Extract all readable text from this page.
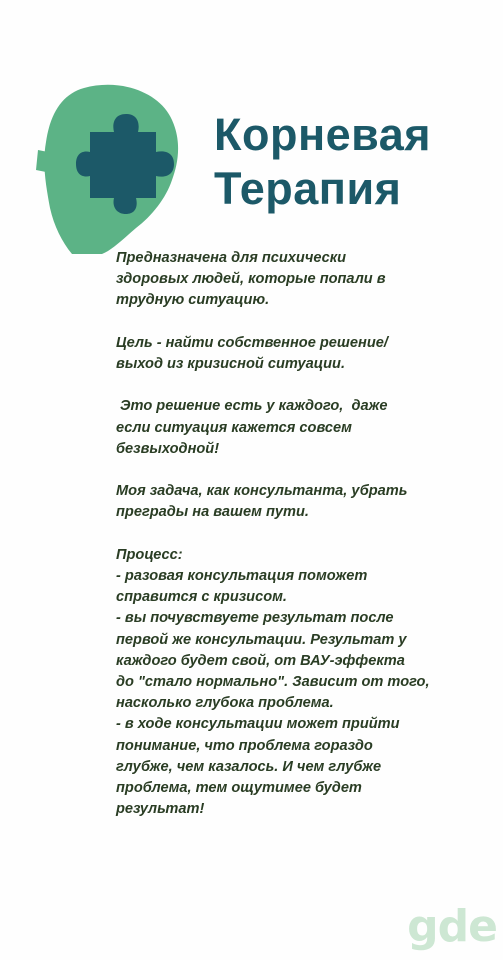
Корневая
Терапия
Предназначена для психически
здоровых людей, которые попали в
трудную ситуацию.
Цель - найти собственное решение/
выход из кризисной ситуации.
Это решение есть у каждого,  даже
если ситуация кажется совсем
безвыходной!
Моя задача, как консультанта, убрать
преграды на вашем пути.
Процесс:
- разовая консультация поможет
справится с кризисом.
- вы почувствуете результат после
первой же консультации. Результат у
каждого будет свой, от ВАУ-эффекта
до "стало нормально". Зависит от того,
насколько глубока проблема.
- в ходе консультации может прийти
понимание, что проблема гораздо
глубже, чем казалось. И чем глубже
проблема, тем ощутимее будет
результат!
gde
